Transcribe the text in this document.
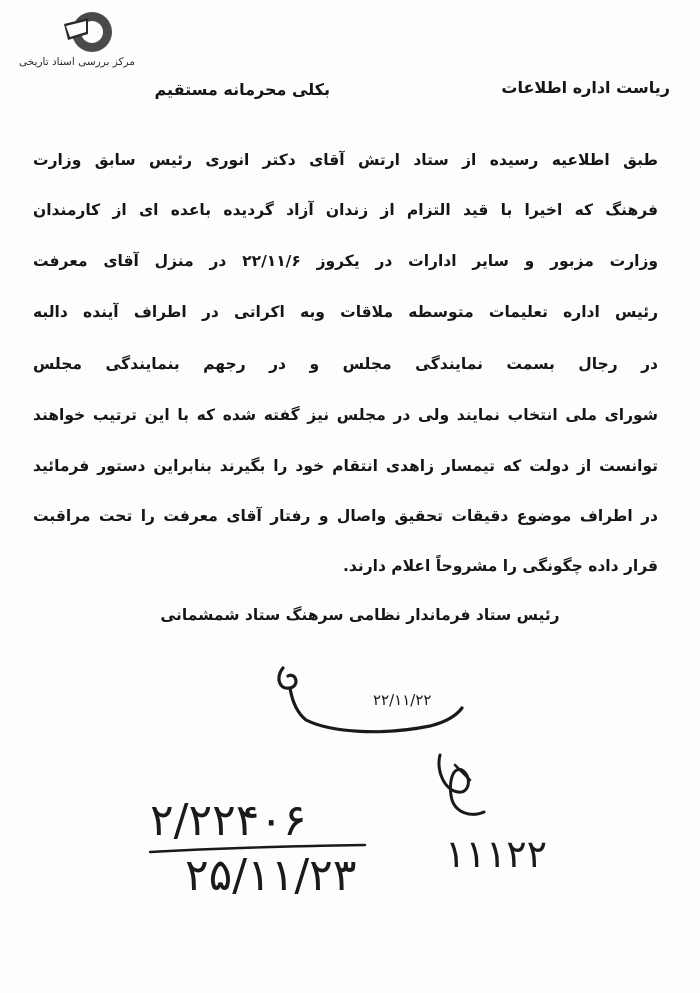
مرکز بررسی اسناد تاریخی
ریاست اداره اطلاعات
بکلی محرمانه مستقیم
طبق اطلاعیه رسیده از ستاد ارتش آقای دکتر انوری رئیس سابق وزارت
فرهنگ که اخیرا با قید التزام از زندان آزاد گردیده باعده ای از کارمندان
وزارت مزبور و سایر ادارات در یکروز ۲۲/۱۱/۶ در منزل آقای معرفت
رئیس اداره تعلیمات متوسطه ملاقات وبه اکراتی در اطراف آینده دالبه
در رجال بسمت نمایندگی مجلس و در رجهم بنمایندگی مجلس
شورای ملی انتخاب نمایند ولی در مجلس نیز گفته شده که با این ترتیب خواهند
توانست از دولت که تیمسار زاهدی انتقام خود را بگیرند بنابراین دستور فرمائید
در اطراف موضوع دقیقات تحقیق واصال و رفتار آقای معرفت را تحت مراقبت
قرار داده چگونگی را مشروحاً اعلام دارند.
رئیس ستاد فرماندار نظامی سرهنگ ستاد شمشمانی
۲۲/۱۱/۲۲
۲/۲۲۴۰۶
۲۵/۱۱/۲۳ ۱۱۱۲۲
